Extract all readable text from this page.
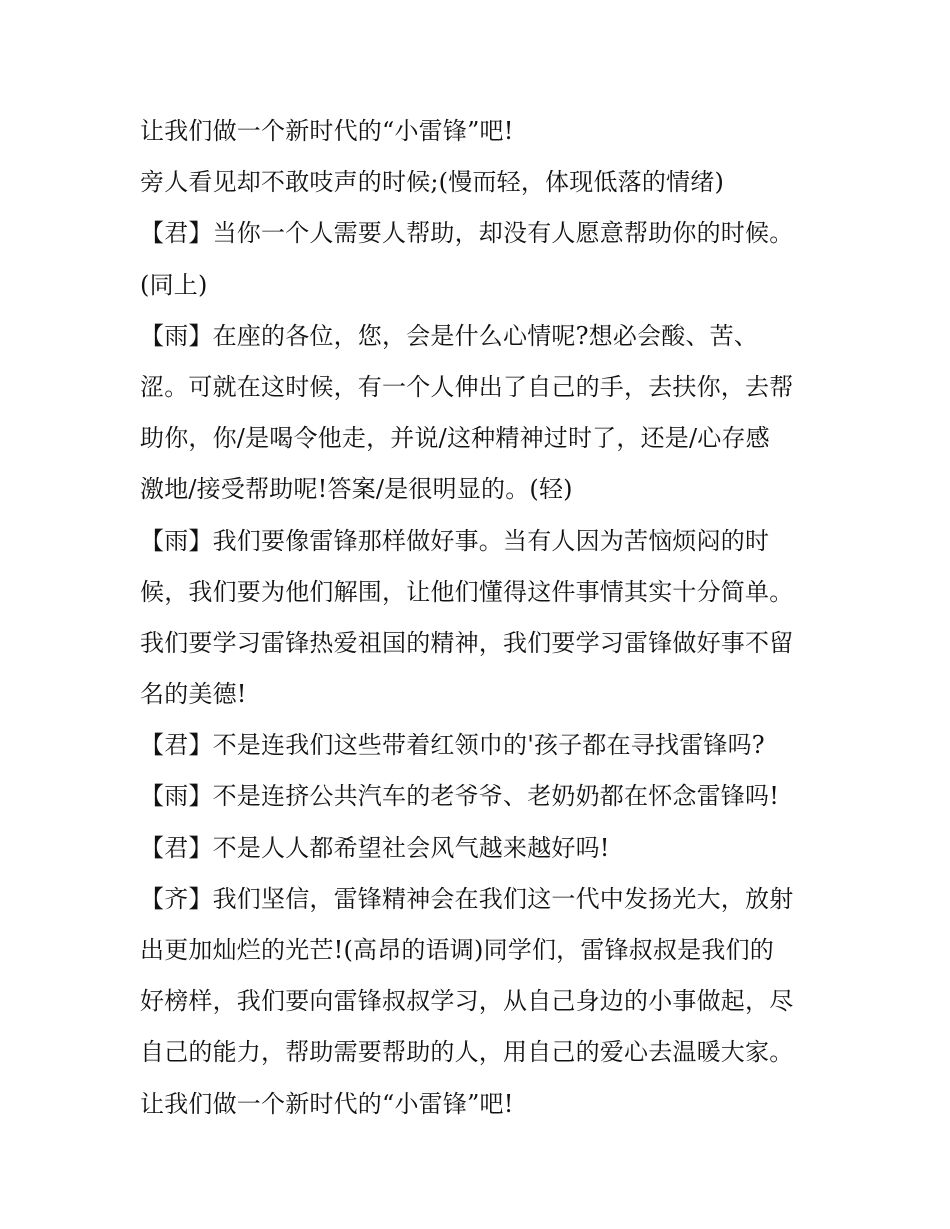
让我们做一个新时代的“小雷锋”吧!
旁人看见却不敢吱声的时候;(慢而轻，体现低落的情绪)
【君】当你一个人需要人帮助，却没有人愿意帮助你的时候。
(同上)
【雨】在座的各位，您，会是什么心情呢?想必会酸、苦、
涩。可就在这时候，有一个人伸出了自己的手，去扶你，去帮
助你，你/是喝令他走，并说/这种精神过时了，还是/心存感
激地/接受帮助呢!答案/是很明显的。(轻)
【雨】我们要像雷锋那样做好事。当有人因为苦恼烦闷的时
候，我们要为他们解围，让他们懂得这件事情其实十分简单。
我们要学习雷锋热爱祖国的精神，我们要学习雷锋做好事不留
名的美德!
【君】不是连我们这些带着红领巾的'孩子都在寻找雷锋吗?
【雨】不是连挤公共汽车的老爷爷、老奶奶都在怀念雷锋吗!
【君】不是人人都希望社会风气越来越好吗!
【齐】我们坚信，雷锋精神会在我们这一代中发扬光大，放射
出更加灿烂的光芒!(高昂的语调)同学们，雷锋叔叔是我们的
好榜样，我们要向雷锋叔叔学习，从自己身边的小事做起，尽
自己的能力，帮助需要帮助的人，用自己的爱心去温暖大家。
让我们做一个新时代的“小雷锋”吧!
